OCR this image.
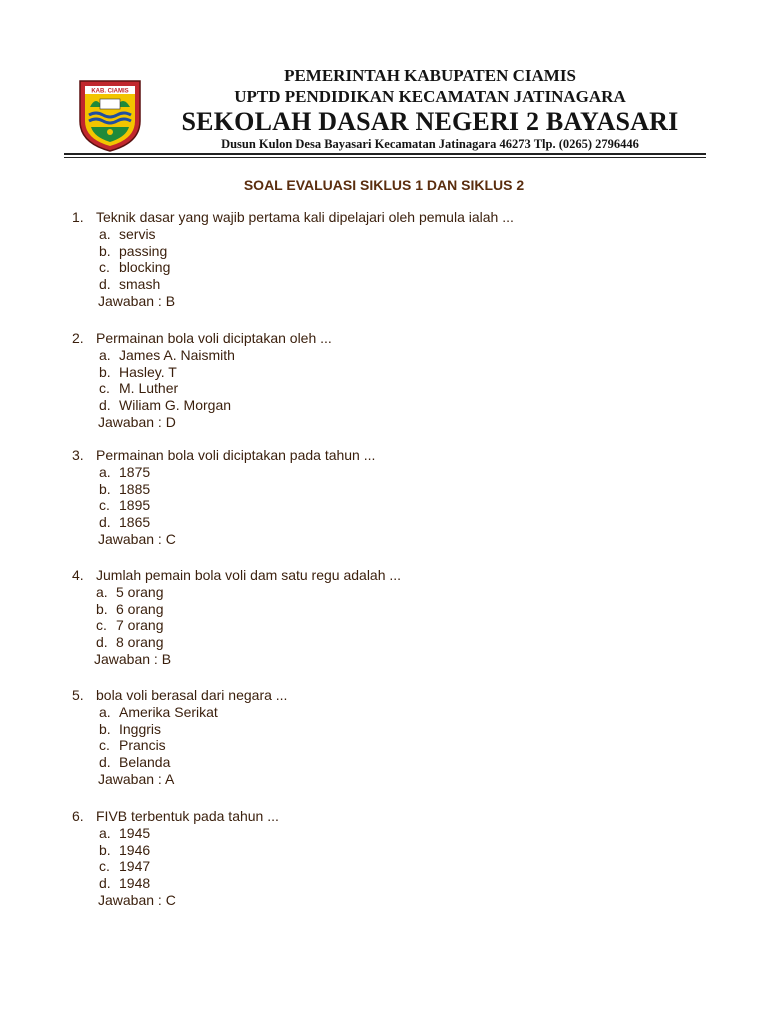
KAB. CIAMIS
PEMERINTAH KABUPATEN CIAMIS
UPTD PENDIDIKAN KECAMATAN JATINAGARA
SEKOLAH DASAR NEGERI 2 BAYASARI
Dusun Kulon Desa Bayasari Kecamatan Jatinagara 46273 Tlp. (0265) 2796446
SOAL EVALUASI SIKLUS 1 DAN SIKLUS 2
1. Teknik dasar yang wajib pertama kali dipelajari oleh pemula ialah ...
a. servis
b. passing
c. blocking
d. smash
Jawaban : B
2. Permainan bola voli diciptakan oleh ...
a. James A. Naismith
b. Hasley. T
c. M. Luther
d. Wiliam G. Morgan
Jawaban : D
3. Permainan bola voli diciptakan pada tahun ...
a. 1875
b. 1885
c. 1895
d. 1865
Jawaban : C
4. Jumlah pemain bola voli dam satu regu adalah ...
a. 5 orang
b. 6 orang
c. 7 orang
d. 8 orang
Jawaban : B
5. bola voli berasal dari negara ...
a. Amerika Serikat
b. Inggris
c. Prancis
d. Belanda
Jawaban : A
6. FIVB terbentuk pada tahun ...
a. 1945
b. 1946
c. 1947
d. 1948
Jawaban : C
